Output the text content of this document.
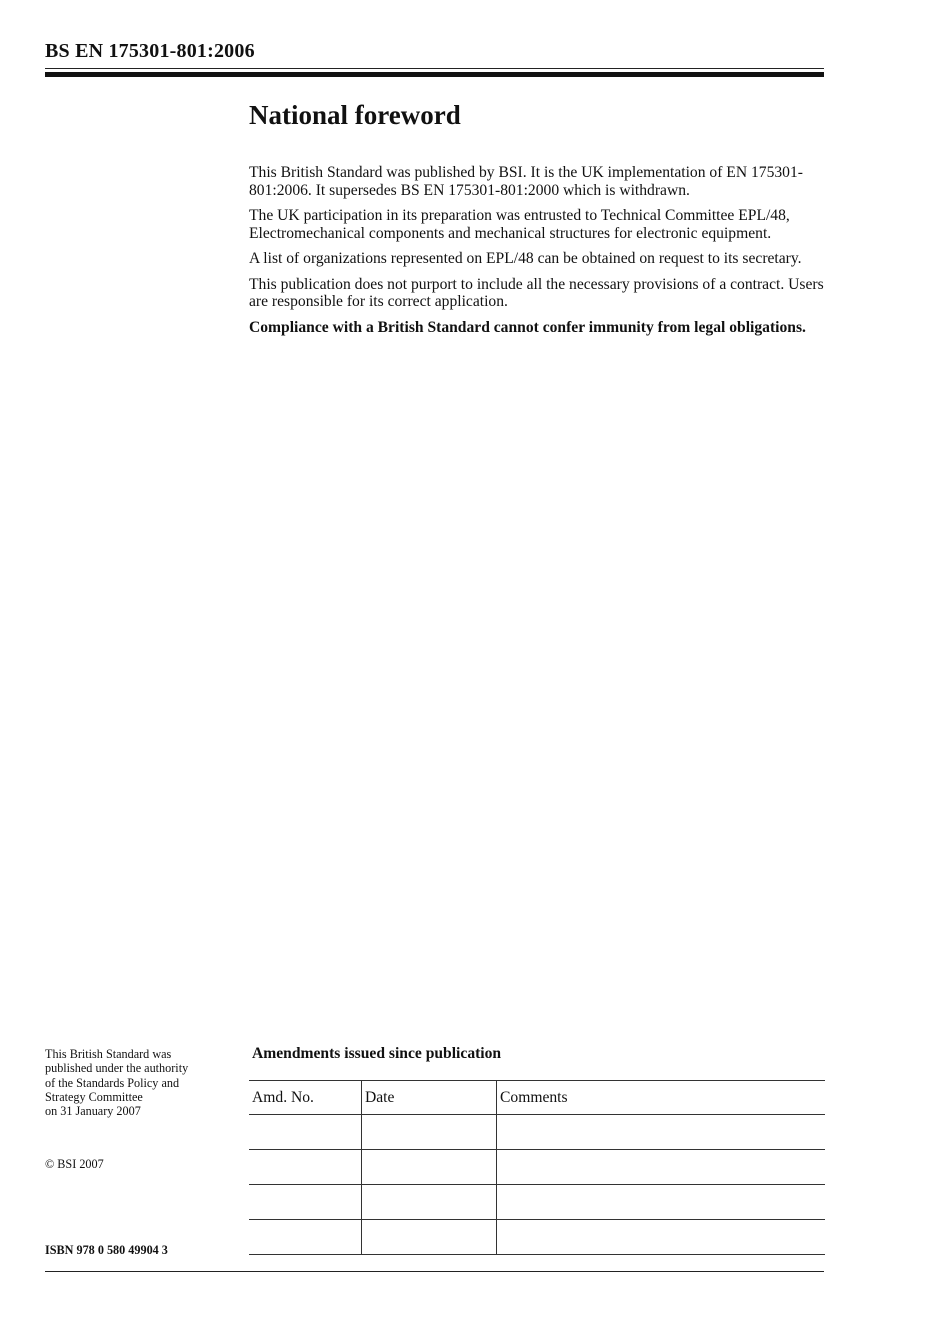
BS EN 175301-801:2006
National foreword

This British Standard was published by BSI. It is the UK implementation of EN 175301-801:2006. It supersedes BS EN 175301-801:2000 which is withdrawn.

The UK participation in its preparation was entrusted to Technical Committee EPL/48, Electromechanical components and mechanical structures for electronic equipment.

A list of organizations represented on EPL/48 can be obtained on request to its secretary.

This publication does not purport to include all the necessary provisions of a contract. Users are responsible for its correct application.

Compliance with a British Standard cannot confer immunity from legal obligations.

This British Standard was
published under the authority
of the Standards Policy and
Strategy Committee
on 31 January 2007
© BSI 2007
ISBN 978 0 580 49904 3
Amendments issued since publication
Amd. No.	Date	Comments
